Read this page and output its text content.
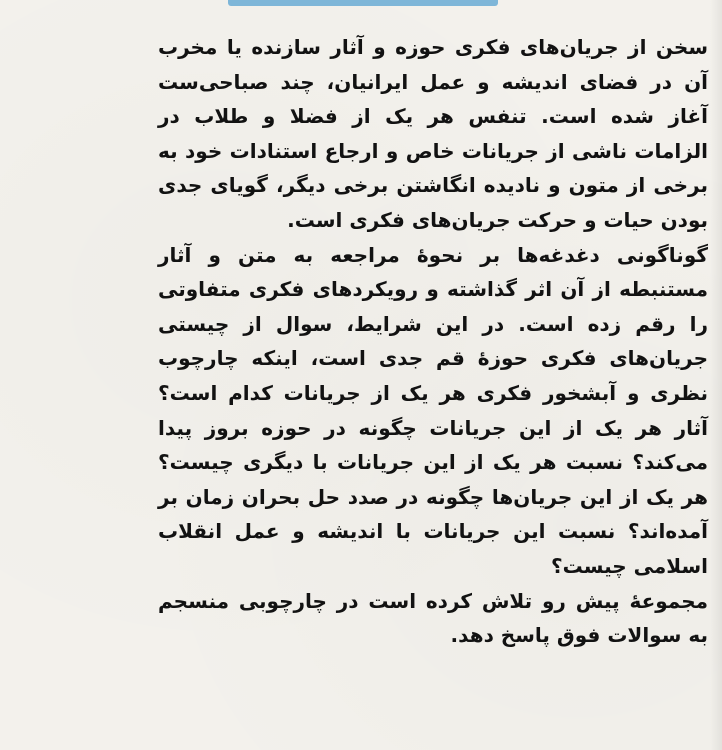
سخن از جریان‌های فکری حوزه و آثار سازنده یا مخرب آن در فضای اندیشه و عمل ایرانیان، چند صباحی‌ست آغاز شده است. تنفس هر یک از فضلا و طلاب در الزامات ناشی از جریانات خاص و ارجاع استنادات خود به برخی از متون و نادیده انگاشتن برخی دیگر، گویای جدی بودن حیات و حرکت جریان‌های فکری است.

گوناگونی دغدغه‌ها بر نحوۀ مراجعه به متن و آثار مستنبطه از آن اثر گذاشته و رویکردهای فکری متفاوتی را رقم زده است. در این شرایط، سوال از چیستی جریان‌های فکری حوزۀ قم جدی است، اینکه چارچوب نظری و آبشخور فکری هر یک از جریانات کدام است؟ آثار هر یک از این جریانات چگونه در حوزه بروز پیدا می‌کند؟ نسبت هر یک از این جریانات با دیگری چیست؟ هر یک از این جریان‌ها چگونه در صدد حل بحران زمان بر آمده‌اند؟ نسبت این جریانات با اندیشه و عمل انقلاب اسلامی چیست؟

مجموعۀ پیش رو تلاش کرده است در چارچوبی منسجم به سوالات فوق پاسخ دهد.
